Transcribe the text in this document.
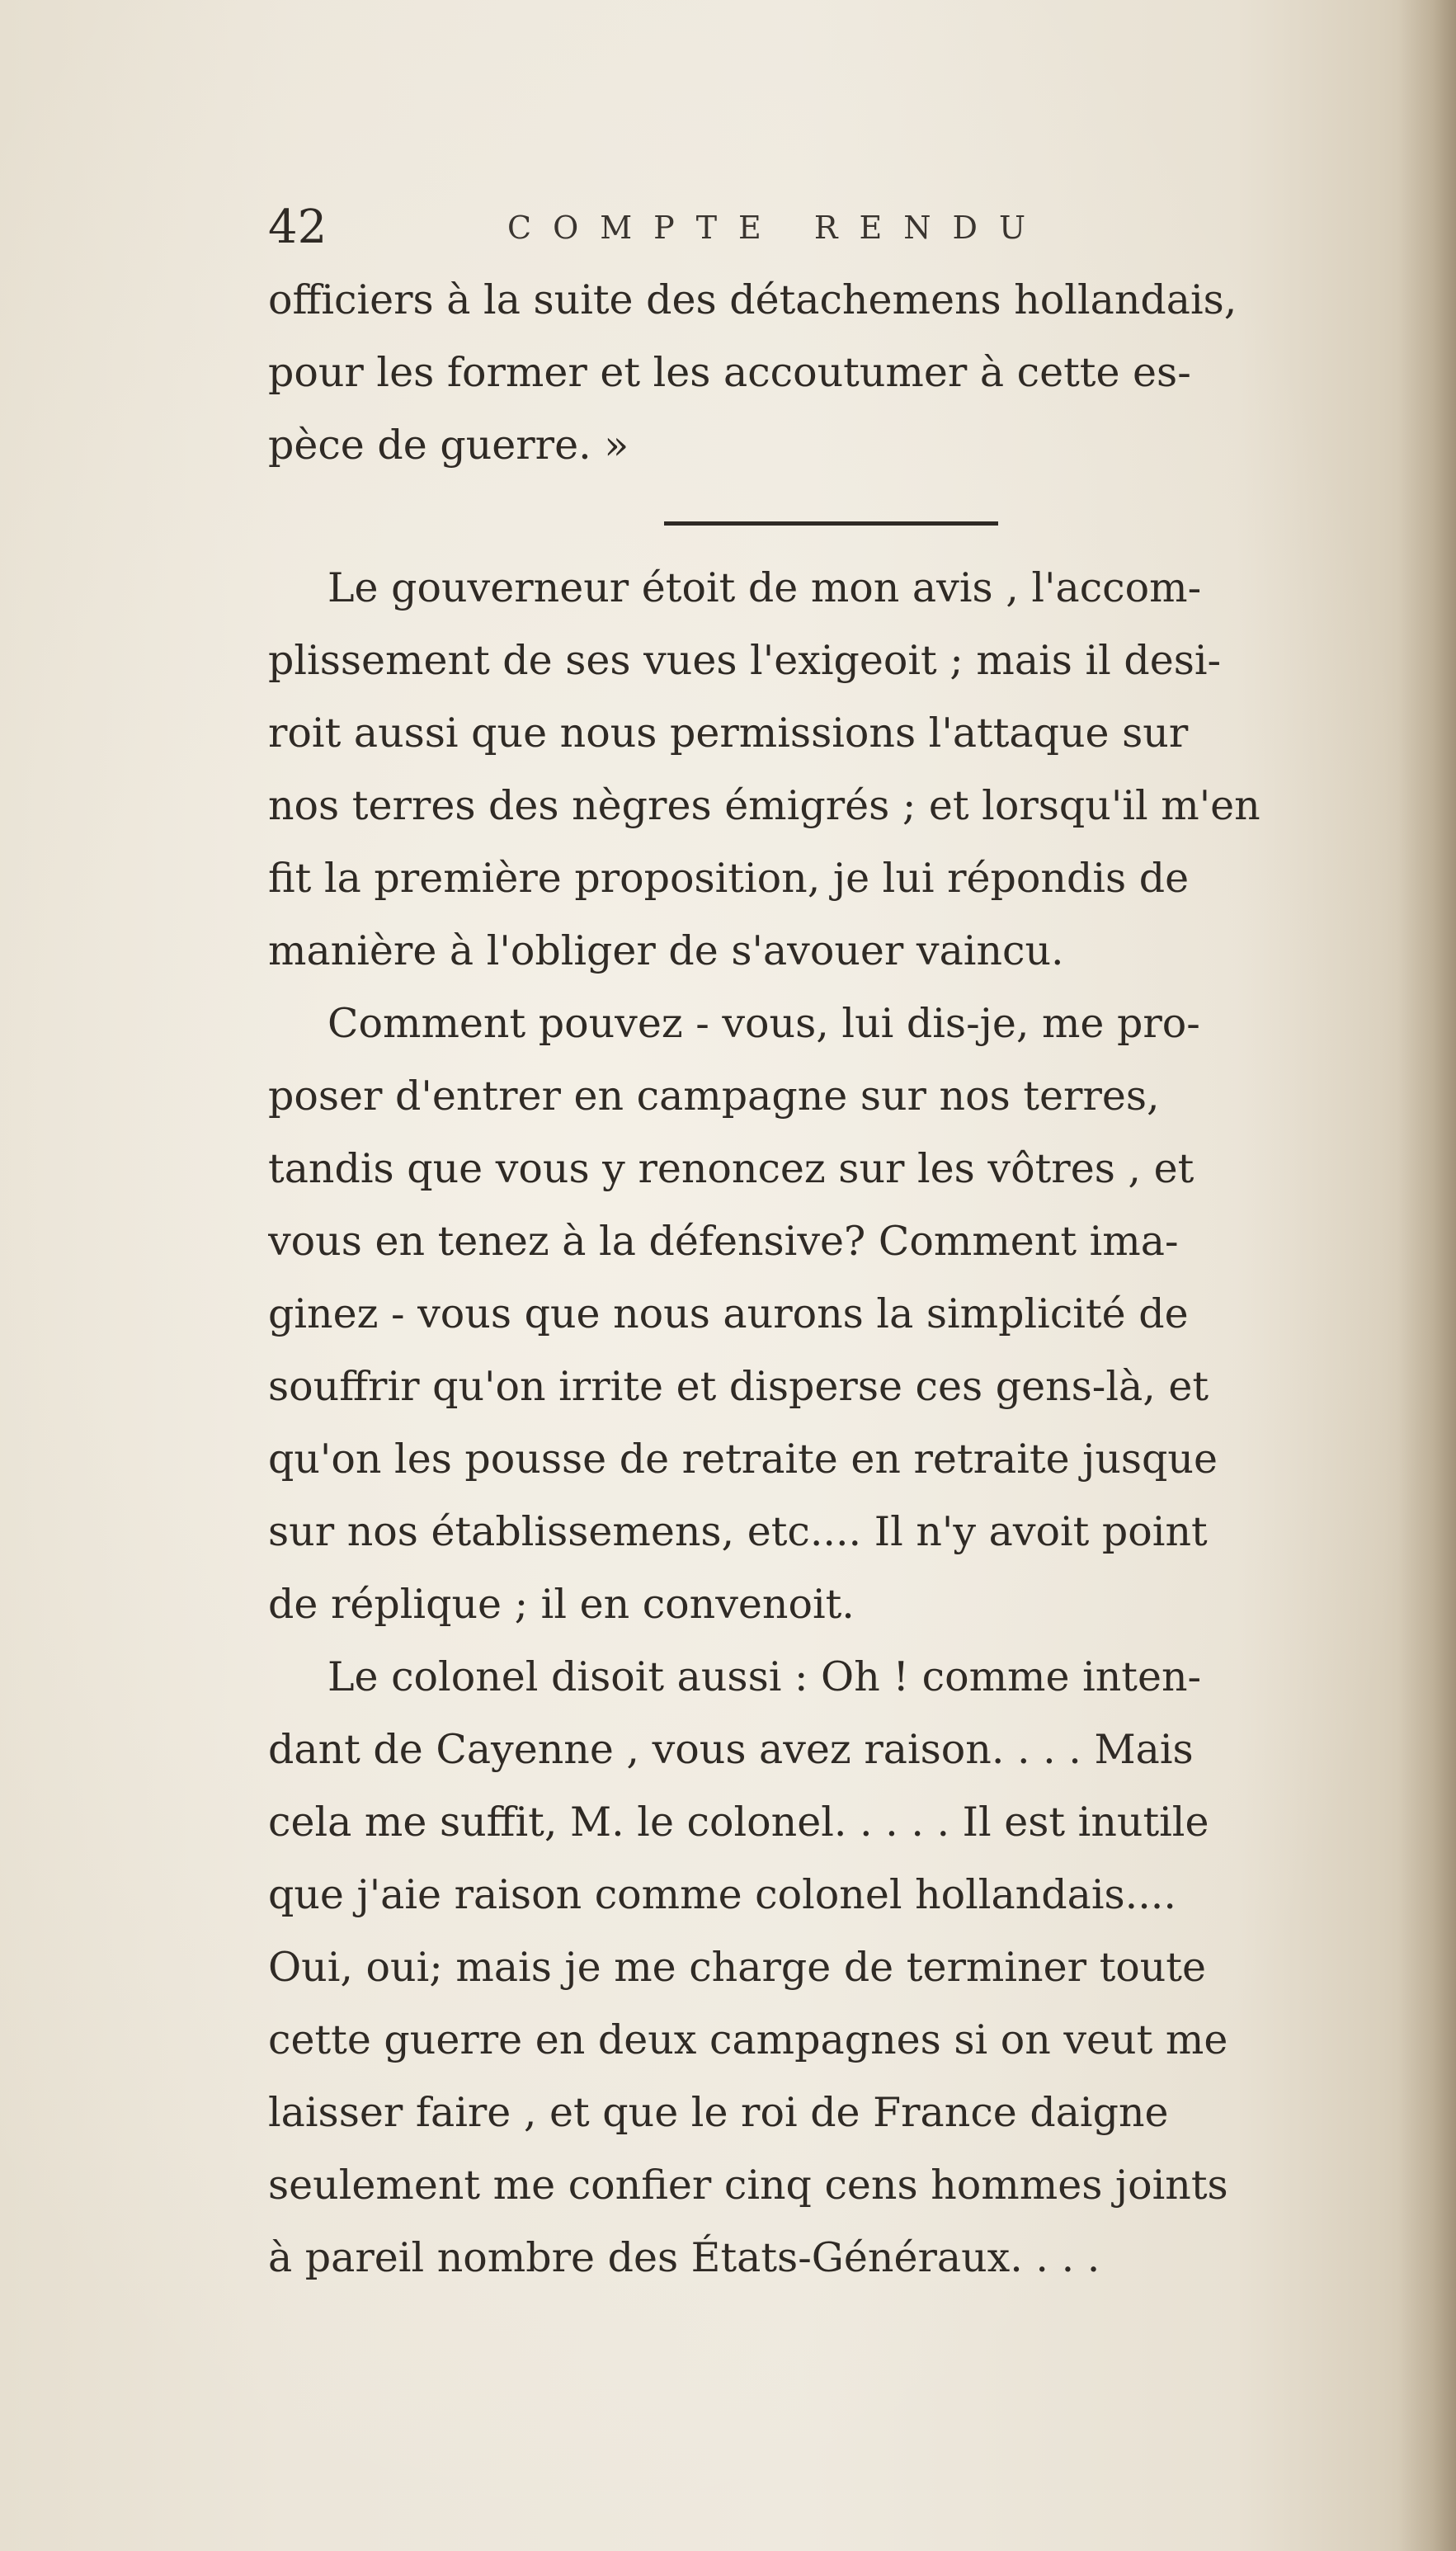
42	COMPTE RENDU
officiers à la suite des détachemens hollandais,
pour les former et les accoutumer à cette es-
pèce de guerre. »
Le gouverneur étoit de mon avis , l'accom-
plissement de ses vues l'exigeoit ; mais il desi-
roit aussi que nous permissions l'attaque sur
nos terres des nègres émigrés ; et lorsqu'il m'en
fit la première proposition, je lui répondis de
manière à l'obliger de s'avouer vaincu.
Comment pouvez - vous, lui dis-je, me pro-
poser d'entrer en campagne sur nos terres,
tandis que vous y renoncez sur les vôtres , et
vous en tenez à la défensive? Comment ima-
ginez - vous que nous aurons la simplicité de
souffrir qu'on irrite et disperse ces gens-là, et
qu'on les pousse de retraite en retraite jusque
sur nos établissemens, etc.... Il n'y avoit point
de réplique ; il en convenoit.
Le colonel disoit aussi : Oh ! comme inten-
dant de Cayenne , vous avez raison. . . . Mais
cela me suffit, M. le colonel. . . . . Il est inutile
que j'aie raison comme colonel hollandais....
Oui, oui; mais je me charge de terminer toute
cette guerre en deux campagnes si on veut me
laisser faire , et que le roi de France daigne
seulement me confier cinq cens hommes joints
à pareil nombre des États-Généraux. . . .
